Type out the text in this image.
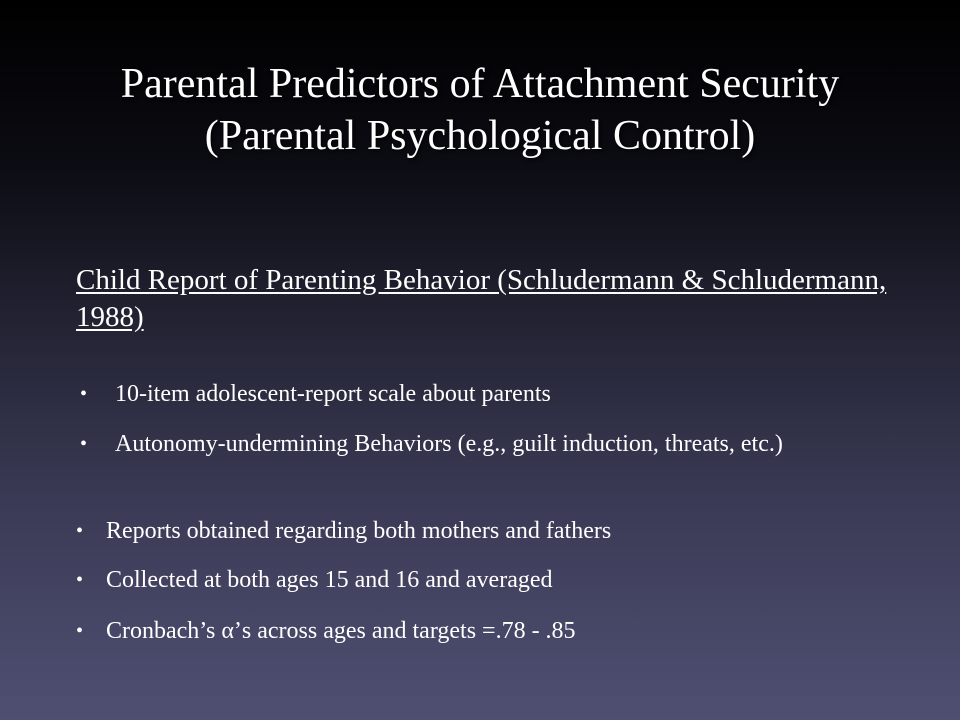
Parental Predictors of Attachment Security
(Parental Psychological Control)
Child Report of Parenting Behavior (Schludermann & Schludermann, 1988)
•	10-item adolescent-report scale about parents
•	Autonomy-undermining Behaviors (e.g., guilt induction, threats, etc.)
• Reports obtained regarding both mothers and fathers
• Collected at both ages 15 and 16 and averaged
• Cronbach’s α’s across ages and targets =.78 - .85
